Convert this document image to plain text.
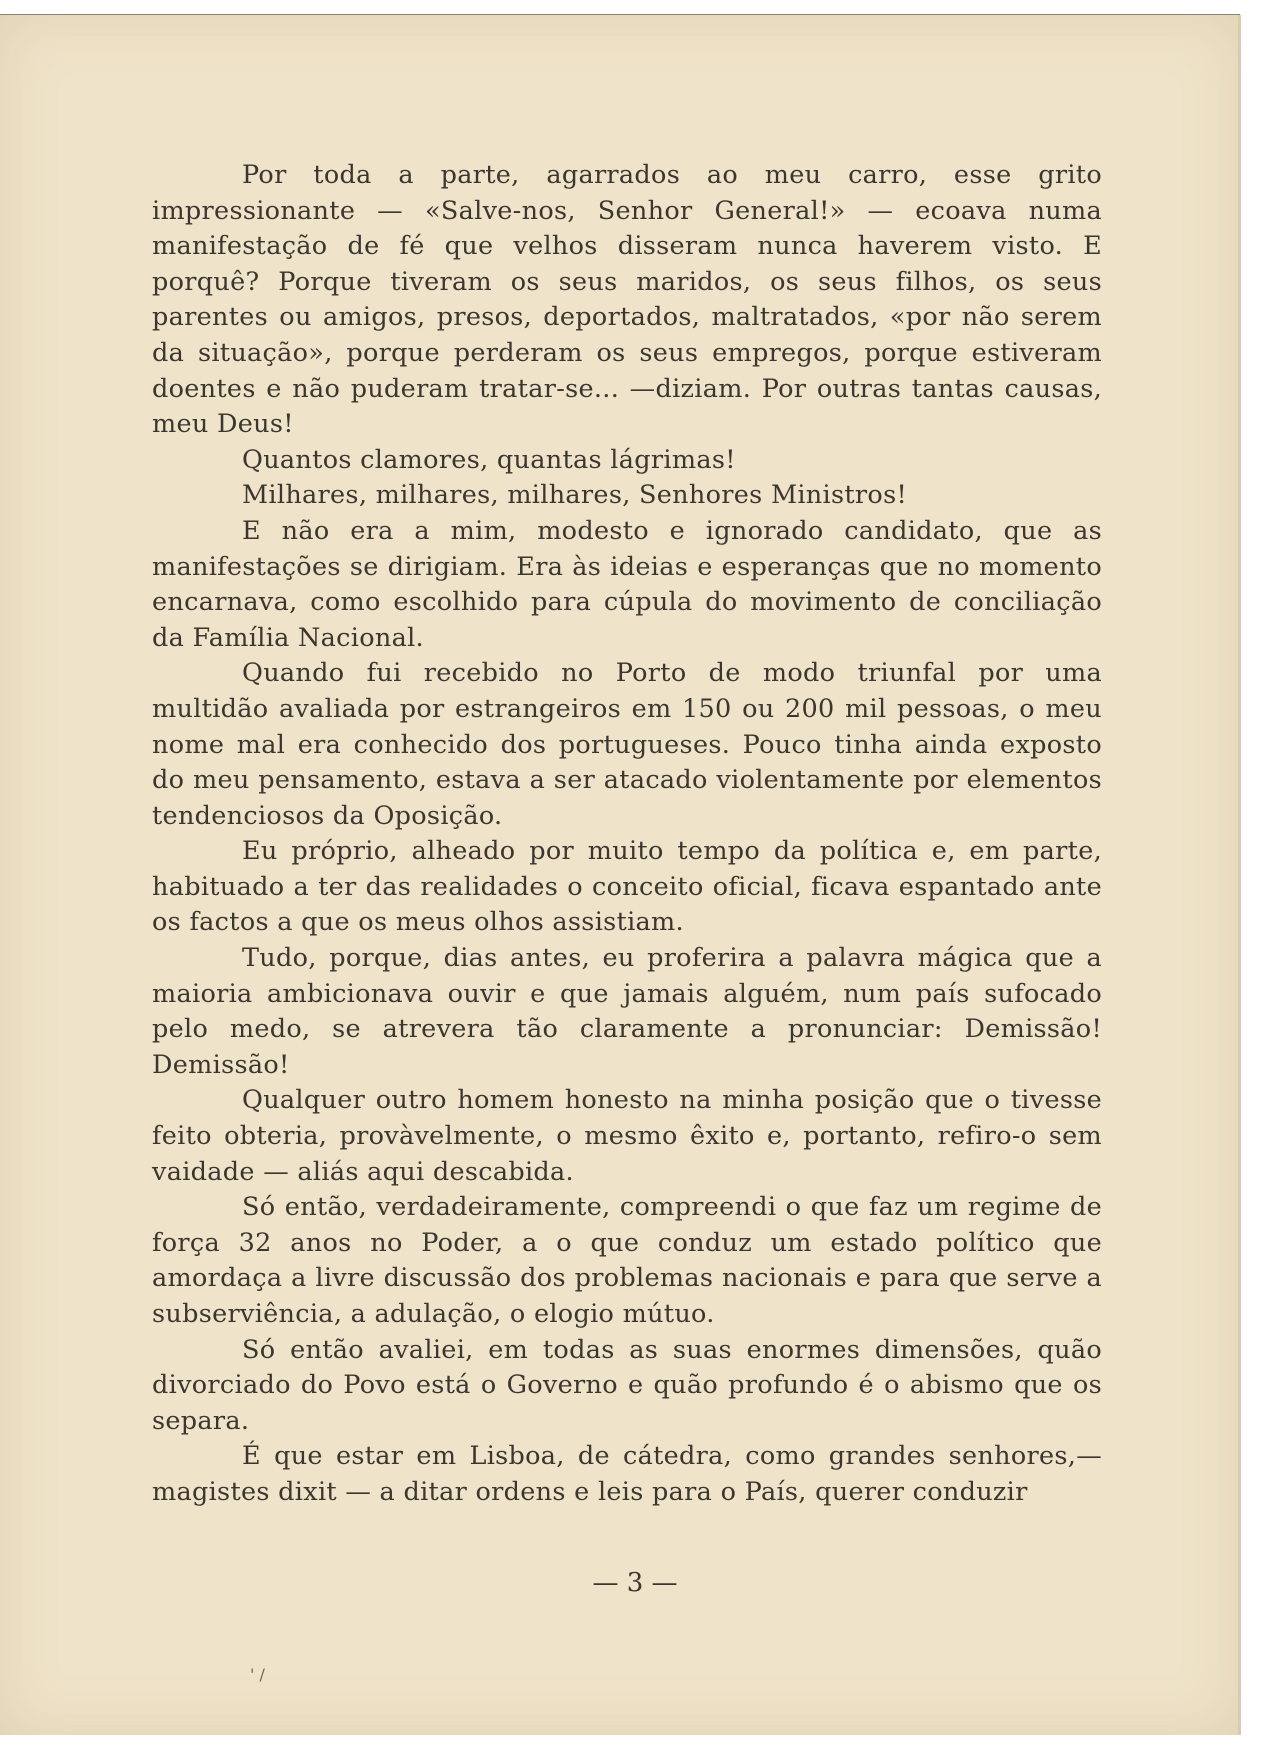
Por toda a parte, agarrados ao meu carro, esse grito impressionante — «Salve-nos, Senhor General!» — ecoava numa manifestação de fé que velhos disseram nunca haverem visto. E porquê? Porque tiveram os seus maridos, os seus filhos, os seus parentes ou amigos, presos, deportados, maltratados, «por não serem da situação», porque perderam os seus empregos, porque estiveram doentes e não puderam tratar-se... —diziam. Por outras tantas causas, meu Deus!

Quantos clamores, quantas lágrimas!

Milhares, milhares, milhares, Senhores Ministros!

E não era a mim, modesto e ignorado candidato, que as manifestações se dirigiam. Era às ideias e esperanças que no momento encarnava, como escolhido para cúpula do movimento de conciliação da Família Nacional.

Quando fui recebido no Porto de modo triunfal por uma multidão avaliada por estrangeiros em 150 ou 200 mil pessoas, o meu nome mal era conhecido dos portugueses. Pouco tinha ainda exposto do meu pensamento, estava a ser atacado violentamente por elementos tendenciosos da Oposição.

Eu próprio, alheado por muito tempo da política e, em parte, habituado a ter das realidades o conceito oficial, ficava espantado ante os factos a que os meus olhos assistiam.

Tudo, porque, dias antes, eu proferira a palavra mágica que a maioria ambicionava ouvir e que jamais alguém, num país sufocado pelo medo, se atrevera tão claramente a pronunciar: Demissão! Demissão!

Qualquer outro homem honesto na minha posição que o tivesse feito obteria, provàvelmente, o mesmo êxito e, portanto, refiro-o sem vaidade — aliás aqui descabida.

Só então, verdadeiramente, compreendi o que faz um regime de força 32 anos no Poder, a o que conduz um estado político que amordaça a livre discussão dos problemas nacionais e para que serve a subserviência, a adulação, o elogio mútuo.

Só então avaliei, em todas as suas enormes dimensões, quão divorciado do Povo está o Governo e quão profundo é o abismo que os separa.

É que estar em Lisboa, de cátedra, como grandes senhores,— magistes dixit — a ditar ordens e leis para o País, querer conduzir

— 3 —
' /
